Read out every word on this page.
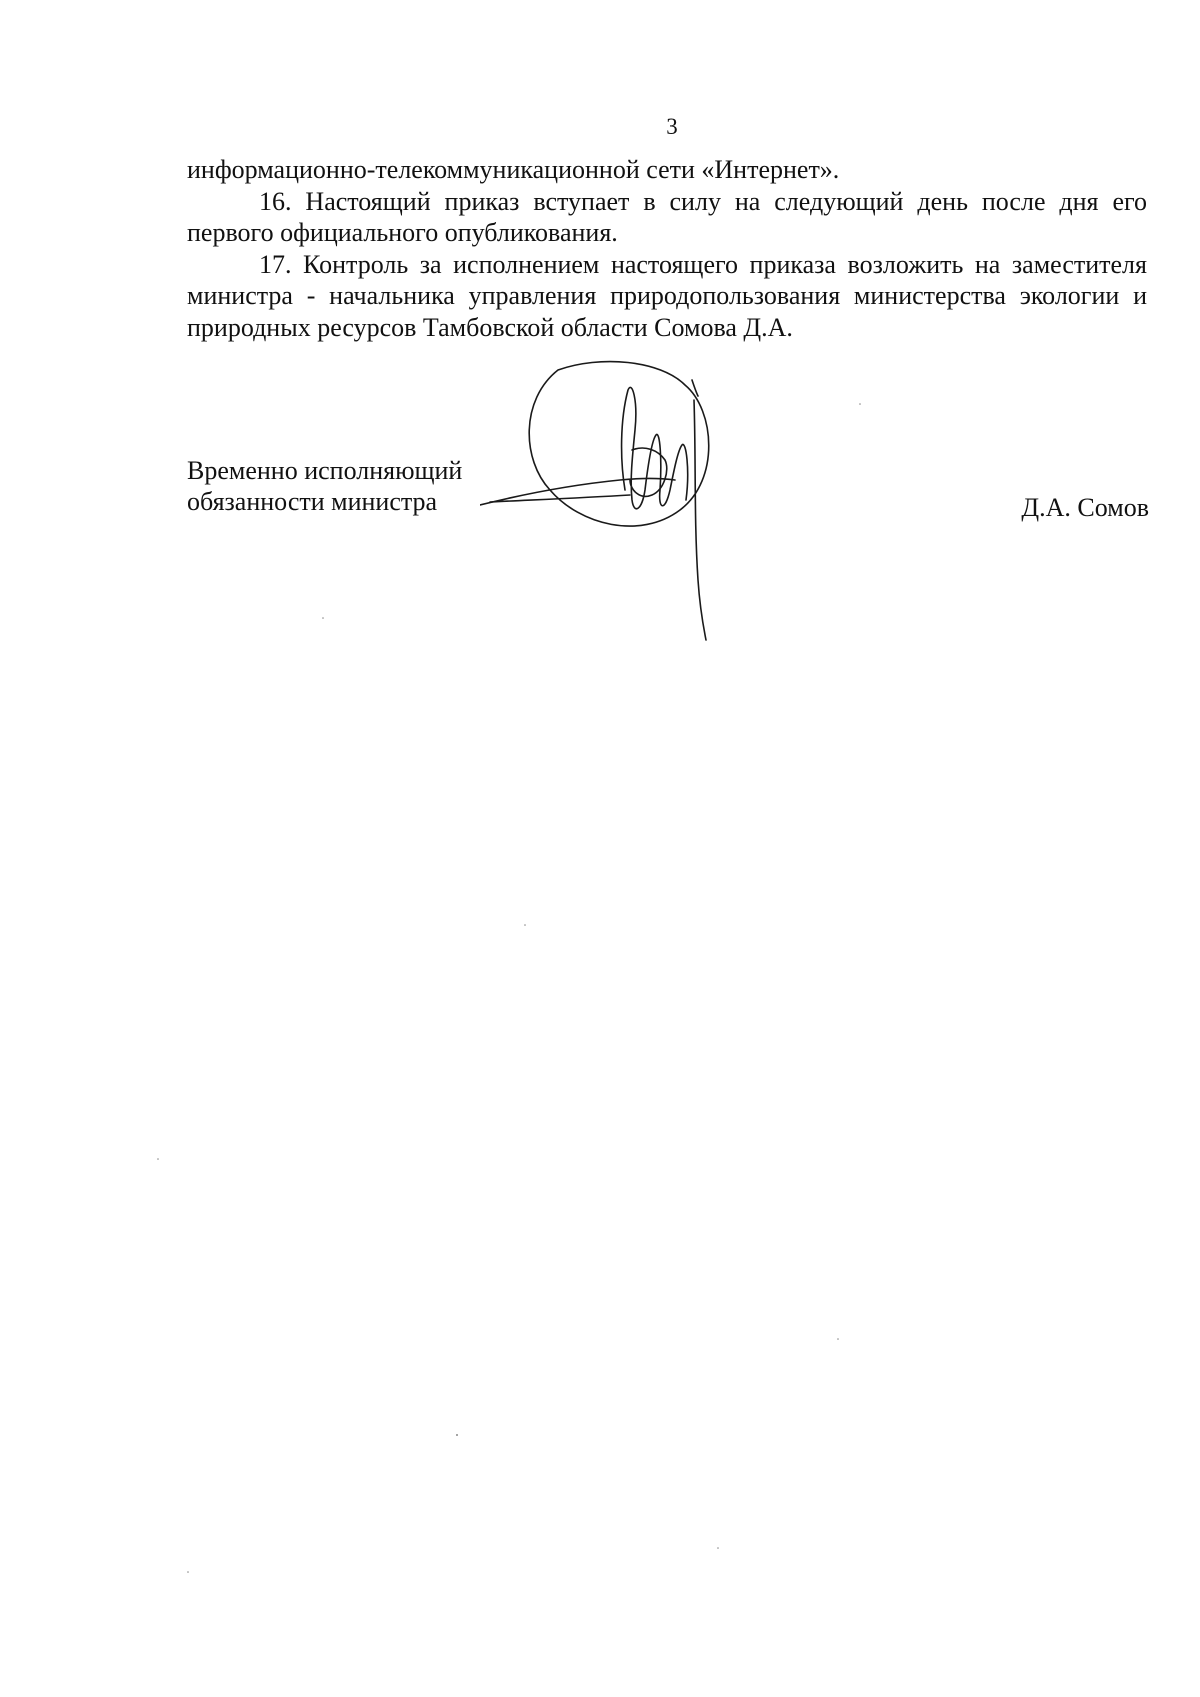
3

информационно-телекоммуникационной сети «Интернет».

16. Настоящий приказ вступает в силу на следующий день после дня его первого официального опубликования.

17. Контроль за исполнением настоящего приказа возложить на заместителя министра - начальника управления природопользования министерства экологии и природных ресурсов Тамбовской области Сомова Д.А.

Временно исполняющий
обязанности министра	Д.А. Сомов
